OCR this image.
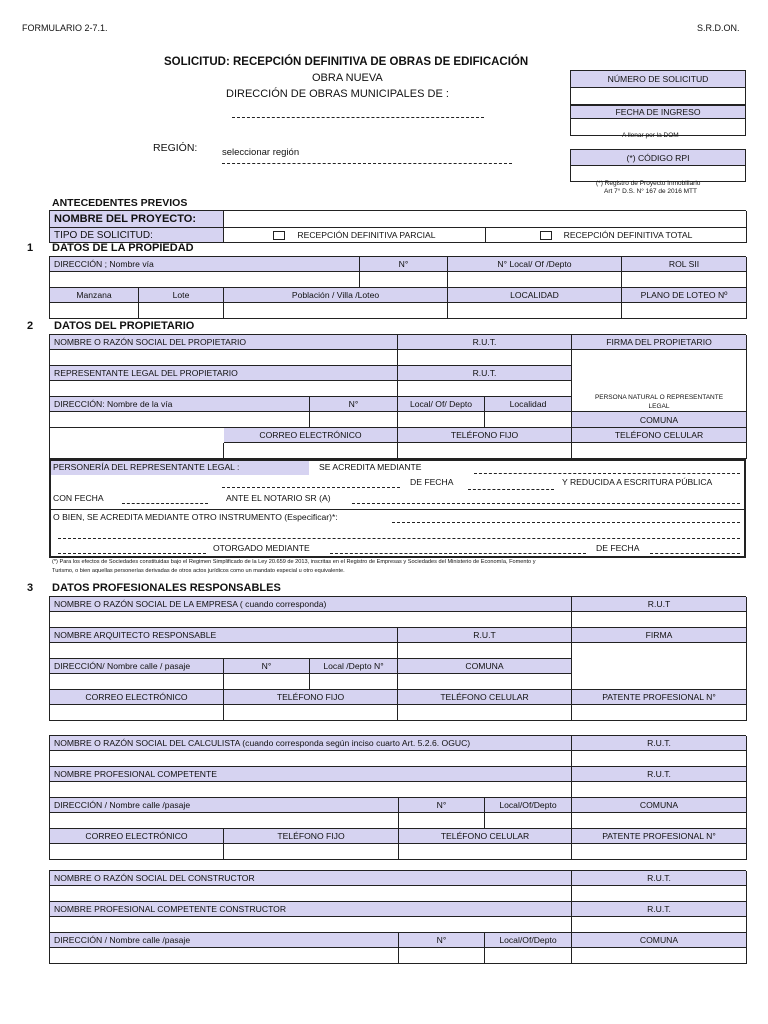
FORMULARIO 2-7.1.	S.R.D.ON.
SOLICITUD: RECEPCIÓN DEFINITIVA DE OBRAS DE EDIFICACIÓN
OBRA NUEVA
DIRECCIÓN DE OBRAS MUNICIPALES DE :
REGIÓN:	seleccionar región
NÚMERO DE SOLICITUD
FECHA DE INGRESO
A llenar por la DOM
(*) CÓDIGO RPI
(*) Registro de Proyecto Inmobiliario
Art 7° D.S. N° 167 de 2016 MTT
ANTECEDENTES PREVIOS
NOMBRE DEL PROYECTO:
TIPO DE SOLICITUD:	RECEPCIÓN DEFINITIVA PARCIAL	RECEPCIÓN DEFINITIVA TOTAL
1 DATOS DE LA PROPIEDAD
DIRECCIÓN ; Nombre vía	N°	N° Local/ Of /Depto	ROL SII
Manzana	Lote	Población / Villa /Loteo	LOCALIDAD	PLANO DE LOTEO Nº
2 DATOS DEL PROPIETARIO
NOMBRE O RAZÓN SOCIAL DEL PROPIETARIO	R.U.T.	FIRMA DEL PROPIETARIO
PERSONA NATURAL O REPRESENTANTE
LEGAL
REPRESENTANTE LEGAL DEL PROPIETARIO	R.U.T.
DIRECCIÓN: Nombre de la vía	N°	Local/ Of/ Depto	Localidad
COMUNA
CORREO ELECTRÓNICO	TELÉFONO FIJO	TELÉFONO CELULAR
PERSONERÍA DEL REPRESENTANTE LEGAL :	SE ACREDITA MEDIANTE
DE FECHA	Y REDUCIDA A ESCRITURA PÚBLICA
CON FECHA	ANTE EL NOTARIO SR (A)
O BIEN, SE ACREDITA MEDIANTE OTRO INSTRUMENTO (Especificar)*:
OTORGADO MEDIANTE	DE FECHA
(*) Para los efectos de Sociedades constituidas bajo el Regimen Simplificado de la Ley 20.659 de 2013, inscritas en el Registro de Empresas y Sociedades del Ministerio de Economía, Fomento y
Turismo, o bien aquellas personerías derivadas de otros actos jurídicos como un mandato especial u otro equivalente.
3 DATOS PROFESIONALES RESPONSABLES
NOMBRE O RAZÓN SOCIAL DE LA EMPRESA ( cuando corresponda)	R.U.T
NOMBRE ARQUITECTO RESPONSABLE	R.U.T	FIRMA
DIRECCIÓN/ Nombre calle / pasaje	N°	Local /Depto N°	COMUNA
CORREO ELECTRÓNICO	TELÉFONO FIJO	TELÉFONO CELULAR	PATENTE PROFESIONAL N°
NOMBRE O RAZÓN SOCIAL DEL CALCULISTA (cuando corresponda según inciso cuarto Art. 5.2.6. OGUC)	R.U.T.
NOMBRE PROFESIONAL COMPETENTE	R.U.T.
DIRECCIÓN / Nombre calle /pasaje	N°	Local/Of/Depto	COMUNA
CORREO ELECTRÓNICO	TELÉFONO FIJO	TELÉFONO CELULAR	PATENTE PROFESIONAL N°
NOMBRE O RAZÓN SOCIAL DEL CONSTRUCTOR	R.U.T.
NOMBRE PROFESIONAL COMPETENTE CONSTRUCTOR	R.U.T.
DIRECCIÓN / Nombre calle /pasaje	N°	Local/Of/Depto	COMUNA
